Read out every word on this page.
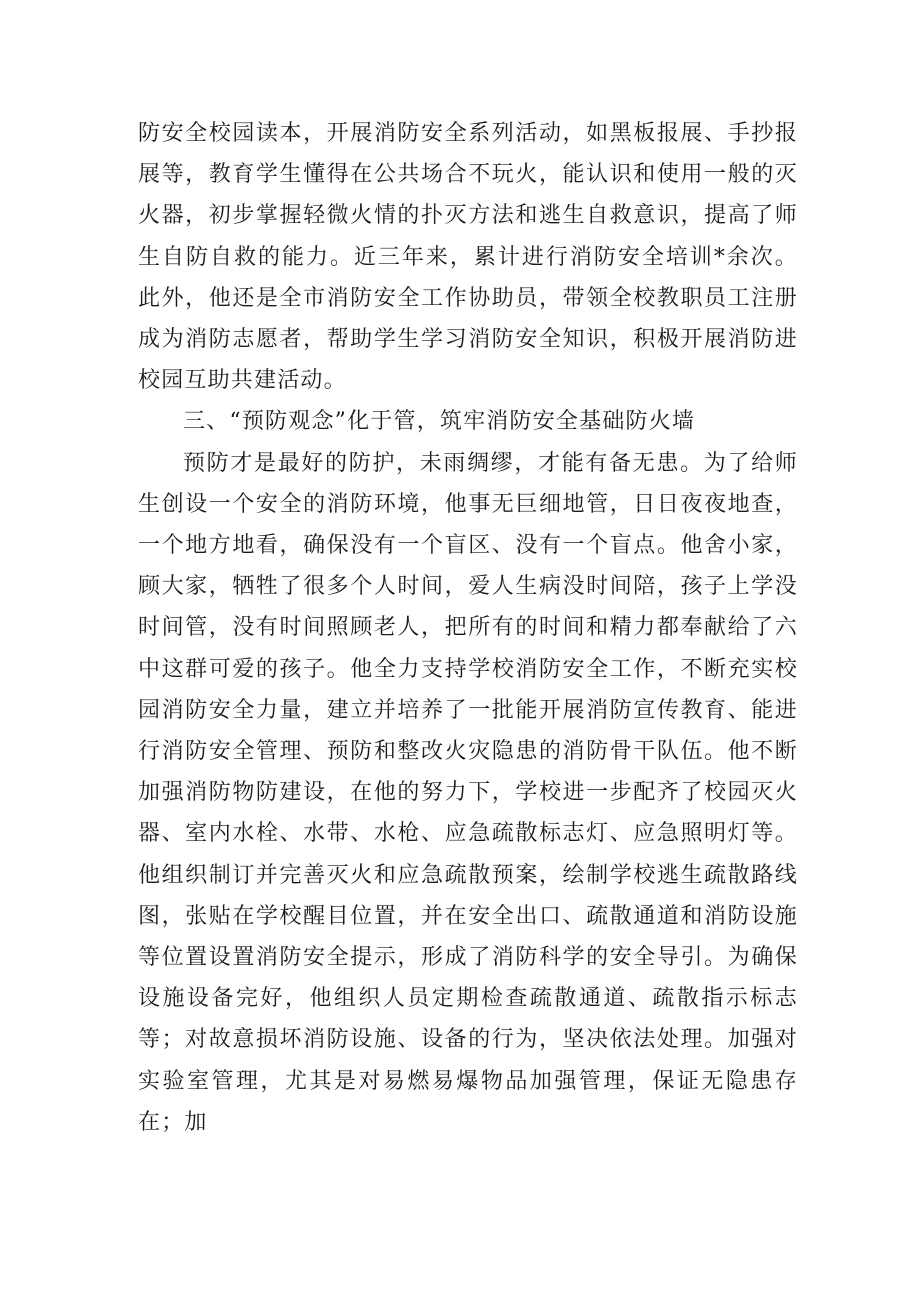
防安全校园读本，开展消防安全系列活动，如黑板报展、手抄报展等，教育学生懂得在公共场合不玩火，能认识和使用一般的灭火器，初步掌握轻微火情的扑灭方法和逃生自救意识，提高了师生自防自救的能力。近三年来，累计进行消防安全培训*余次。此外，他还是全市消防安全工作协助员，带领全校教职员工注册成为消防志愿者，帮助学生学习消防安全知识，积极开展消防进校园互助共建活动。

三、“预防观念”化于管，筑牢消防安全基础防火墙

预防才是最好的防护，未雨绸缪，才能有备无患。为了给师生创设一个安全的消防环境，他事无巨细地管，日日夜夜地查，一个地方地看，确保没有一个盲区、没有一个盲点。他舍小家，顾大家，牺牲了很多个人时间，爱人生病没时间陪，孩子上学没时间管，没有时间照顾老人，把所有的时间和精力都奉献给了六中这群可爱的孩子。他全力支持学校消防安全工作，不断充实校园消防安全力量，建立并培养了一批能开展消防宣传教育、能进行消防安全管理、预防和整改火灾隐患的消防骨干队伍。他不断加强消防物防建设，在他的努力下，学校进一步配齐了校园灭火器、室内水栓、水带、水枪、应急疏散标志灯、应急照明灯等。他组织制订并完善灭火和应急疏散预案，绘制学校逃生疏散路线图，张贴在学校醒目位置，并在安全出口、疏散通道和消防设施等位置设置消防安全提示，形成了消防科学的安全导引。为确保设施设备完好，他组织人员定期检查疏散通道、疏散指示标志等；对故意损坏消防设施、设备的行为，坚决依法处理。加强对实验室管理，尤其是对易燃易爆物品加强管理，保证无隐患存在；加
